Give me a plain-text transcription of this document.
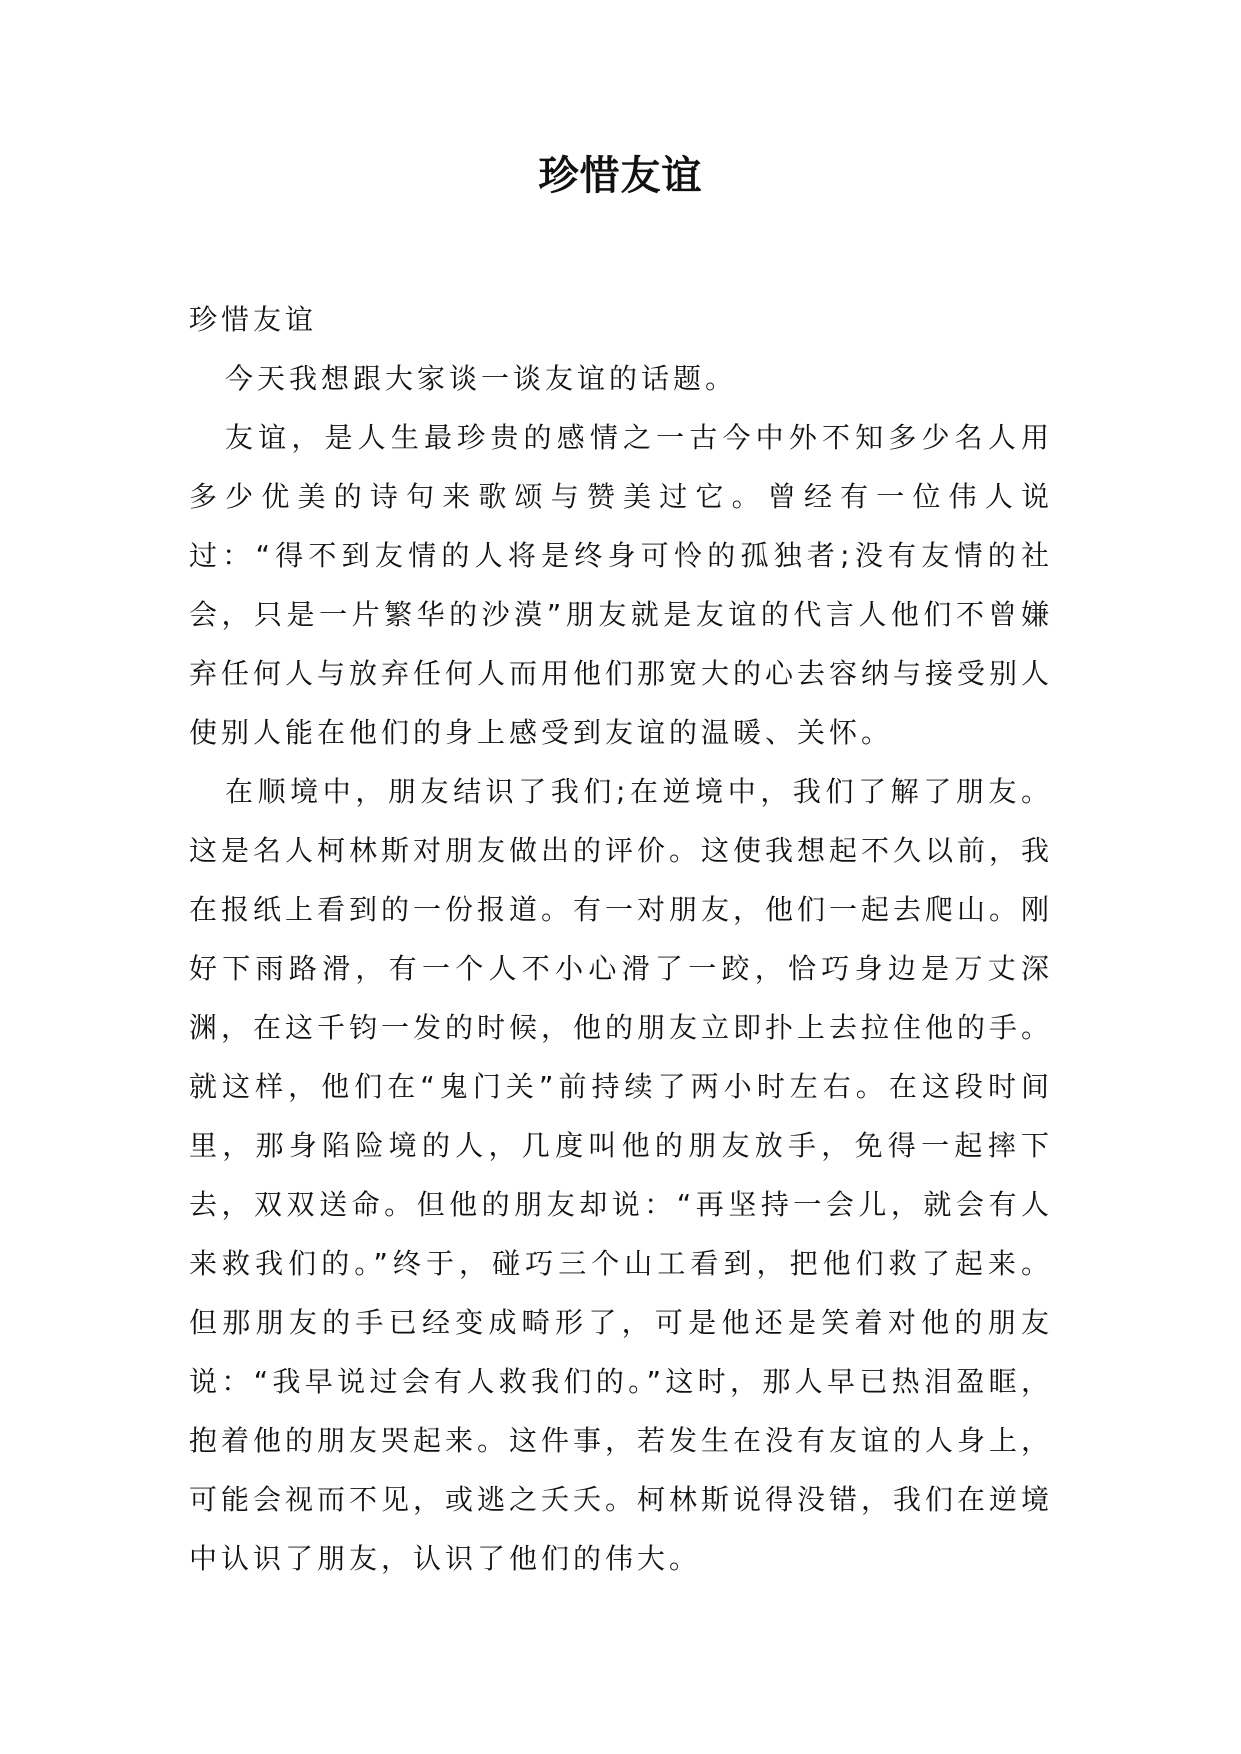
珍惜友谊

珍惜友谊

今天我想跟大家谈一谈友谊的话题。

友谊，是人生最珍贵的感情之一古今中外不知多少名人用多少优美的诗句来歌颂与赞美过它。曾经有一位伟人说过：“得不到友情的人将是终身可怜的孤独者;没有友情的社会，只是一片繁华的沙漠”朋友就是友谊的代言人他们不曾嫌弃任何人与放弃任何人而用他们那宽大的心去容纳与接受别人使别人能在他们的身上感受到友谊的温暖、关怀。

在顺境中，朋友结识了我们;在逆境中，我们了解了朋友。这是名人柯林斯对朋友做出的评价。这使我想起不久以前，我在报纸上看到的一份报道。有一对朋友，他们一起去爬山。刚好下雨路滑，有一个人不小心滑了一跤，恰巧身边是万丈深渊，在这千钧一发的时候，他的朋友立即扑上去拉住他的手。就这样，他们在“鬼门关”前持续了两小时左右。在这段时间里，那身陷险境的人，几度叫他的朋友放手，免得一起摔下去，双双送命。但他的朋友却说：“再坚持一会儿，就会有人来救我们的。”终于，碰巧三个山工看到，把他们救了起来。但那朋友的手已经变成畸形了，可是他还是笑着对他的朋友说：“我早说过会有人救我们的。”这时，那人早已热泪盈眶，抱着他的朋友哭起来。这件事，若发生在没有友谊的人身上，可能会视而不见，或逃之夭夭。柯林斯说得没错，我们在逆境中认识了朋友，认识了他们的伟大。
